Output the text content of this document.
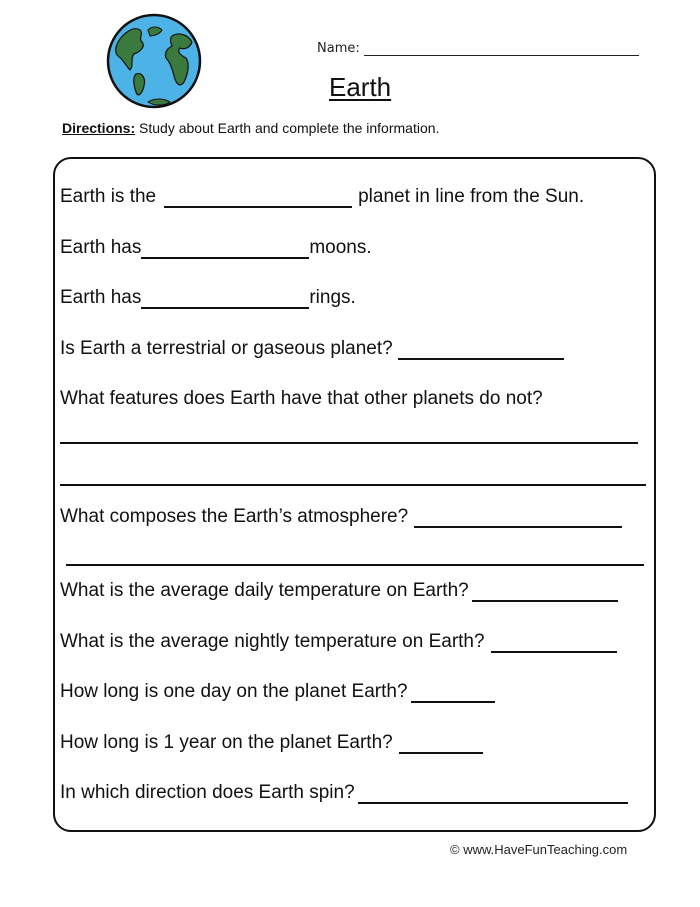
Name:
Earth
Directions: Study about Earth and complete the information.
Earth is the	planet in line from the Sun.
Earth has	moons.
Earth has	rings.
Is Earth a terrestrial or gaseous planet?
What features does Earth have that other planets do not?
What composes the Earth’s atmosphere?
What is the average daily temperature on Earth?
What is the average nightly temperature on Earth?
How long is one day on the planet Earth?
How long is 1 year on the planet Earth?
In which direction does Earth spin?
© www.HaveFunTeaching.com
